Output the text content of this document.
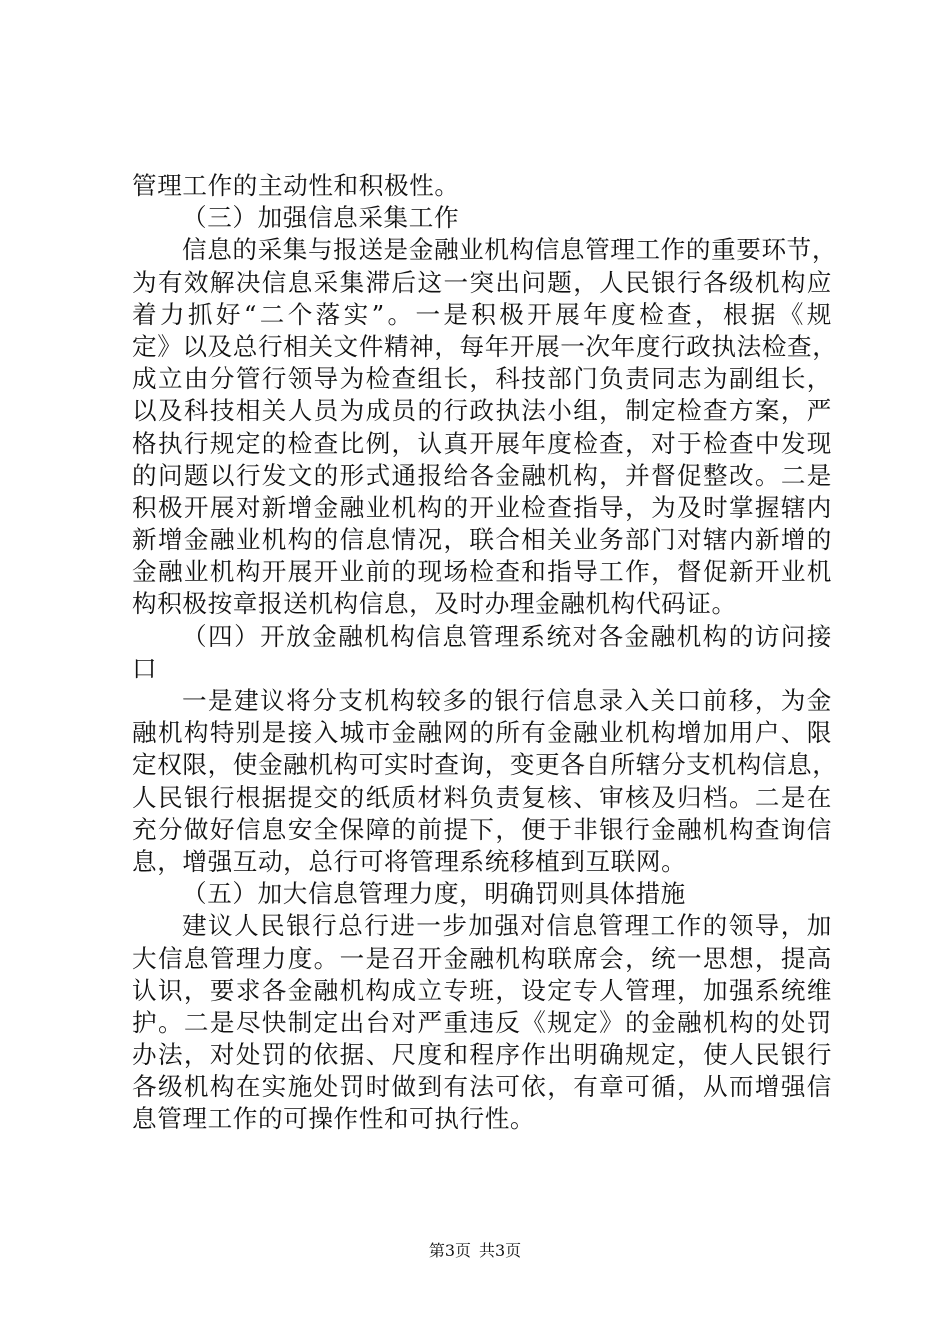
管理工作的主动性和积极性。
（三）加强信息采集工作
信息的采集与报送是金融业机构信息管理工作的重要环节，
为有效解决信息采集滞后这一突出问题，人民银行各级机构应
着力抓好“二个落实”。一是积极开展年度检查，根据《规
定》以及总行相关文件精神，每年开展一次年度行政执法检查，
成立由分管行领导为检查组长，科技部门负责同志为副组长，
以及科技相关人员为成员的行政执法小组，制定检查方案，严
格执行规定的检查比例，认真开展年度检查，对于检查中发现
的问题以行发文的形式通报给各金融机构，并督促整改。二是
积极开展对新增金融业机构的开业检查指导，为及时掌握辖内
新增金融业机构的信息情况，联合相关业务部门对辖内新增的
金融业机构开展开业前的现场检查和指导工作，督促新开业机
构积极按章报送机构信息，及时办理金融机构代码证。
（四）开放金融机构信息管理系统对各金融机构的访问接
口
一是建议将分支机构较多的银行信息录入关口前移，为金
融机构特别是接入城市金融网的所有金融业机构增加用户、限
定权限，使金融机构可实时查询，变更各自所辖分支机构信息，
人民银行根据提交的纸质材料负责复核、审核及归档。二是在
充分做好信息安全保障的前提下，便于非银行金融机构查询信
息，增强互动，总行可将管理系统移植到互联网。
（五）加大信息管理力度，明确罚则具体措施
建议人民银行总行进一步加强对信息管理工作的领导，加
大信息管理力度。一是召开金融机构联席会，统一思想，提高
认识，要求各金融机构成立专班，设定专人管理，加强系统维
护。二是尽快制定出台对严重违反《规定》的金融机构的处罚
办法，对处罚的依据、尺度和程序作出明确规定，使人民银行
各级机构在实施处罚时做到有法可依，有章可循，从而增强信
息管理工作的可操作性和可执行性。
第3页 共3页
